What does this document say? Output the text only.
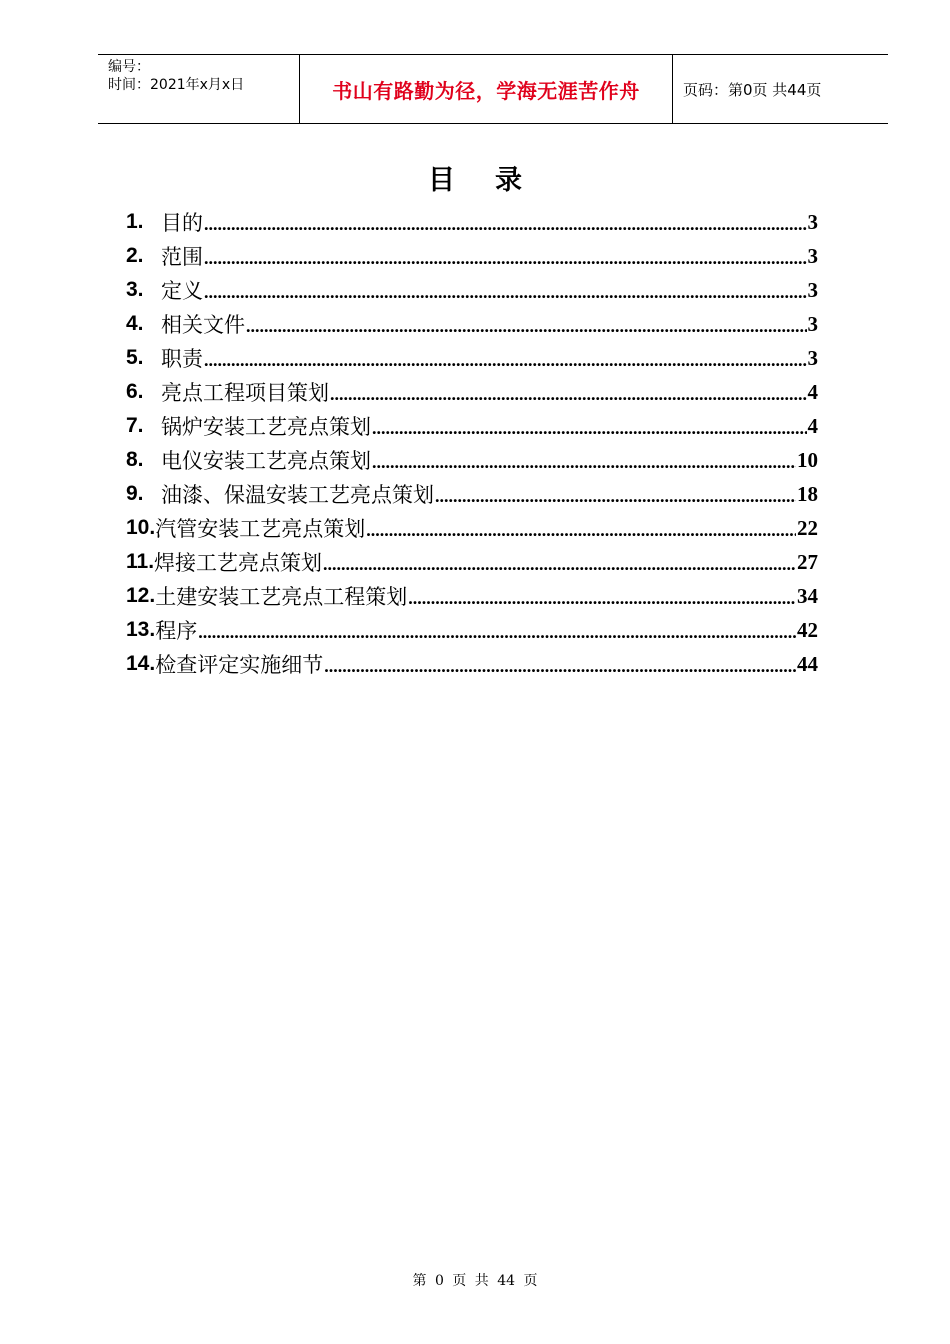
编号：
时间：2021年x月x日	书山有路勤为径，学海无涯苦作舟	页码：第0页 共44页
目录
1. 目的 .....	3
2. 范围 .....	3
3. 定义 .....	3
4. 相关文件 .....	3
5. 职责 .....	3
6. 亮点工程项目策划 .....	4
7. 锅炉安装工艺亮点策划 .....	4
8. 电仪安装工艺亮点策划 .....	10
9. 油漆、保温安装工艺亮点策划 .....	18
10. 汽管安装工艺亮点策划 .....	22
11. 焊接工艺亮点策划 .....	27
12. 土建安装工艺亮点工程策划 .....	34
13. 程序 .....	42
14. 检查评定实施细节 .....	44
第 0 页 共 44 页
